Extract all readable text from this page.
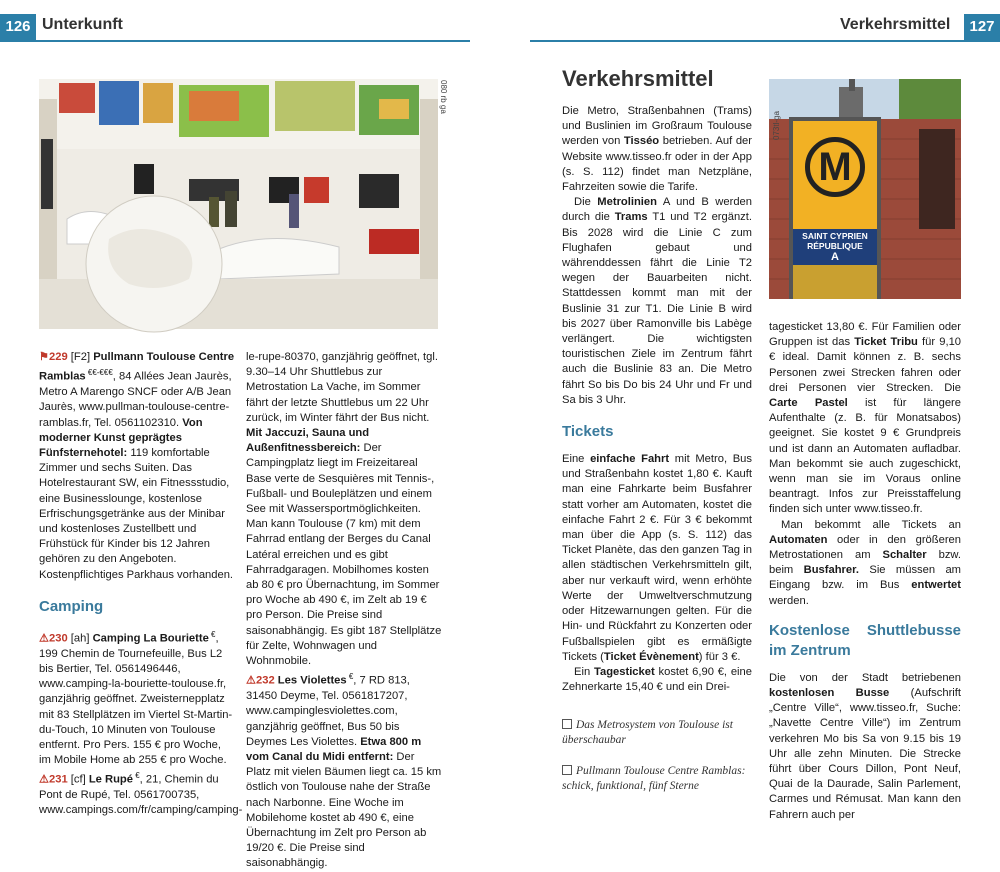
126 Unterkunft	Verkehrsmittel	127
080 rb ga

⚑229 [F2] Pullmann Toulouse Centre Ramblas €€-€€€, 84 Allées Jean Jaurès, Metro A Marengo SNCF oder A/B Jean Jaurès, www.pullman-toulouse-centre-ramblas.fr, Tel. 0561102310. Von moderner Kunst geprägtes Fünfsternehotel: 119 komfortable Zimmer und sechs Suiten. Das Hotelrestaurant SW, ein Fitnessstudio, eine Businesslounge, kostenlose Erfrischungsgetränke aus der Minibar und kostenloses Zustellbett und Frühstück für Kinder bis 12 Jahren gehören zu den Angeboten. Kostenpflichtiges Parkhaus vorhanden.

Camping

⚠230 [ah] Camping La Bouriette €, 199 Chemin de Tournefeuille, Bus L2 bis Bertier, Tel. 0561496446, www.camping-la-bouriette-toulouse.fr, ganzjährig geöffnet. Zweisternepplatz mit 83 Stellplätzen im Viertel St-Martin-du-Touch, 10 Minuten von Toulouse entfernt. Pro Pers. 155 € pro Woche, im Mobile Home ab 255 € pro Woche.

⚠231 [cf] Le Rupé €, 21, Chemin du Pont de Rupé, Tel. 0561700735, www.campings.com/fr/camping/camping-

le-rupe-80370, ganzjährig geöffnet, tgl. 9.30–14 Uhr Shuttlebus zur Metrostation La Vache, im Sommer fährt der letzte Shuttlebus um 22 Uhr zurück, im Winter fährt der Bus nicht. Mit Jaccuzi, Sauna und Außenfitnessbereich: Der Campingplatz liegt im Freizeitareal Base verte de Sesquières mit Tennis-, Fußball- und Bouleplätzen und einem See mit Wassersportmöglichkeiten. Man kann Toulouse (7 km) mit dem Fahrrad entlang der Berges du Canal Latéral erreichen und es gibt Fahrradgaragen. Mobilhomes kosten ab 80 € pro Übernachtung, im Sommer pro Woche ab 490 €, im Zelt ab 19 € pro Person. Die Preise sind saisonabhängig. Es gibt 187 Stellplätze für Zelte, Wohnwagen und Wohnmobile.

⚠232 Les Violettes €, 7 RD 813, 31450 Deyme, Tel. 0561817207, www.campinglesviolettes.com, ganzjährig geöffnet, Bus 50 bis Deymes Les Violettes. Etwa 800 m vom Canal du Midi entfernt: Der Platz mit vielen Bäumen liegt ca. 15 km östlich von Toulouse nahe der Straße nach Narbonne. Eine Woche im Mobilehome kostet ab 490 €, eine Übernachtung im Zelt pro Person ab 19/20 €. Die Preise sind saisonabhängig.

Verkehrsmittel

Die Metro, Straßenbahnen (Trams) und Buslinien im Großraum Toulouse werden von Tisséo betrieben. Auf der Website www.tisseo.fr oder in der App (s. S. 112) findet man Netzpläne, Fahrzeiten sowie die Tarife.

Die Metrolinien A und B werden durch die Trams T1 und T2 ergänzt. Bis 2028 wird die Linie C zum Flughafen gebaut und währenddessen fährt die Linie T2 wegen der Bauarbeiten nicht. Stattdessen kommt man mit der Buslinie 31 zur T1. Die Linie B wird bis 2027 über Ramonville bis Labège verlängert. Die wichtigsten touristischen Ziele im Zentrum fährt auch die Buslinie 83 an. Die Metro fährt So bis Do bis 24 Uhr und Fr und Sa bis 3 Uhr.

Tickets

Eine einfache Fahrt mit Metro, Bus und Straßenbahn kostet 1,80 €. Kauft man eine Fahrkarte beim Busfahrer statt vorher am Automaten, kostet die einfache Fahrt 2 €. Für 3 € bekommt man über die App (s. S. 112) das Ticket Planète, das den ganzen Tag in allen städtischen Verkehrsmitteln gilt, aber nur verkauft wird, wenn erhöhte Werte der Umweltverschmutzung oder Hitzewarnungen gelten. Für die Hin- und Rückfahrt zu Konzerten oder Fußballspielen gibt es ermäßigte Tickets (Ticket Évènement) für 3 €.

Ein Tagesticket kostet 6,90 €, eine Zehnerkarte 15,40 € und ein Drei-

Das Metrosystem von Toulouse ist überschaubar
Pullmann Toulouse Centre Ramblas: schick, funktional, fünf Sterne
M
SAINT CYPRIEN
RÉPUBLIQUE
A
073tl-ga

tagesticket 13,80 €. Für Familien oder Gruppen ist das Ticket Tribu für 9,10 € ideal. Damit können z. B. sechs Personen zwei Strecken fahren oder drei Personen vier Strecken. Die Carte Pastel ist für längere Aufenthalte (z. B. für Monatsabos) geeignet. Sie kostet 9 € Grundpreis und ist dann an Automaten aufladbar. Man bekommt sie auch zugeschickt, wenn man sie im Voraus online beantragt. Infos zur Preisstaffelung finden sich unter www.tisseo.fr.

Man bekommt alle Tickets an Automaten oder in den größeren Metrostationen am Schalter bzw. beim Busfahrer. Sie müssen am Eingang bzw. im Bus entwertet werden.

Kostenlose Shuttlebusse im Zentrum

Die von der Stadt betriebenen kostenlosen Busse (Aufschrift „Centre Ville“, www.tisseo.fr, Suche: „Navette Centre Ville“) im Zentrum verkehren Mo bis Sa von 9.15 bis 19 Uhr alle zehn Minuten. Die Strecke führt über Cours Dillon, Pont Neuf, Quai de la Daurade, Salin Parlement, Carmes und Rémusat. Man kann den Fahrern auch per
